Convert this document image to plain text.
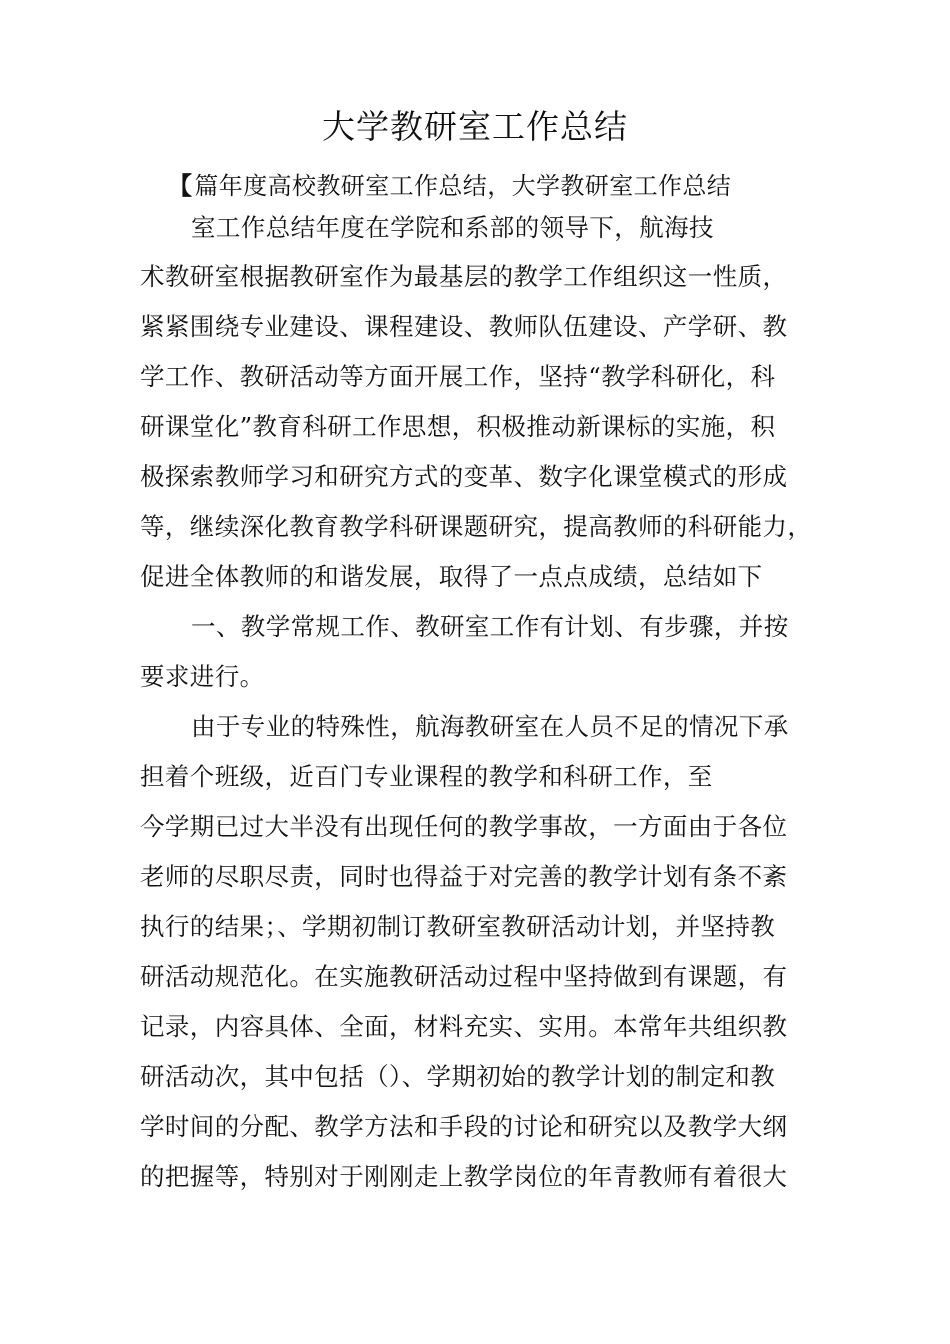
大学教研室工作总结
【篇年度高校教研室工作总结，大学教研室工作总结
室工作总结年度在学院和系部的领导下，航海技
术教研室根据教研室作为最基层的教学工作组织这一性质，
紧紧围绕专业建设、课程建设、教师队伍建设、产学研、教
学工作、教研活动等方面开展工作，坚持“教学科研化，科
研课堂化”教育科研工作思想，积极推动新课标的实施，积
极探索教师学习和研究方式的变革、数字化课堂模式的形成
等，继续深化教育教学科研课题研究，提高教师的科研能力，
促进全体教师的和谐发展，取得了一点点成绩，总结如下
一、教学常规工作、教研室工作有计划、有步骤，并按
要求进行。
由于专业的特殊性，航海教研室在人员不足的情况下承
担着个班级，近百门专业课程的教学和科研工作，至
今学期已过大半没有出现任何的教学事故，一方面由于各位
老师的尽职尽责，同时也得益于对完善的教学计划有条不紊
执行的结果；、学期初制订教研室教研活动计划，并坚持教
研活动规范化。在实施教研活动过程中坚持做到有课题，有
记录，内容具体、全面，材料充实、实用。本常年共组织教
研活动次，其中包括（）、学期初始的教学计划的制定和教
学时间的分配、教学方法和手段的讨论和研究以及教学大纲
的把握等，特别对于刚刚走上教学岗位的年青教师有着很大
